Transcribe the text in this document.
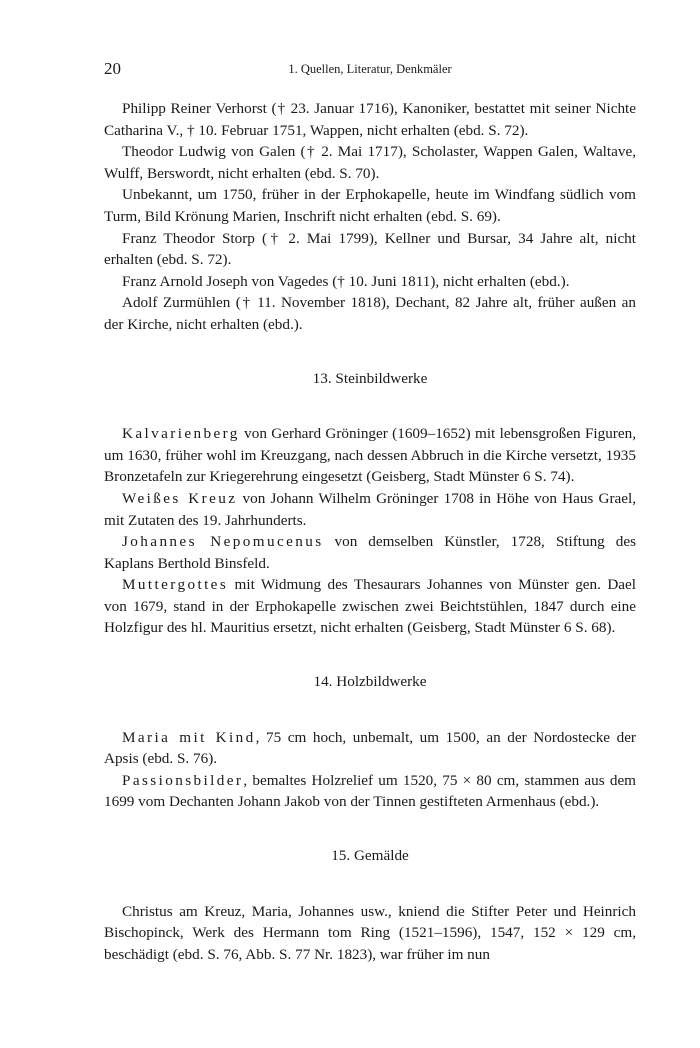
20	1. Quellen, Literatur, Denkmäler

Philipp Reiner Verhorst († 23. Januar 1716), Kanoniker, bestattet mit seiner Nichte Catharina V., † 10. Februar 1751, Wappen, nicht erhalten (ebd. S. 72).

Theodor Ludwig von Galen († 2. Mai 1717), Scholaster, Wappen Galen, Waltave, Wulff, Berswordt, nicht erhalten (ebd. S. 70).

Unbekannt, um 1750, früher in der Erphokapelle, heute im Windfang südlich vom Turm, Bild Krönung Marien, Inschrift nicht erhalten (ebd. S. 69).

Franz Theodor Storp († 2. Mai 1799), Kellner und Bursar, 34 Jahre alt, nicht erhalten (ebd. S. 72).

Franz Arnold Joseph von Vagedes († 10. Juni 1811), nicht erhalten (ebd.).

Adolf Zurmühlen († 11. November 1818), Dechant, 82 Jahre alt, früher außen an der Kirche, nicht erhalten (ebd.).

13. Steinbildwerke

Kalvarienberg von Gerhard Gröninger (1609–1652) mit lebensgroßen Figuren, um 1630, früher wohl im Kreuzgang, nach dessen Abbruch in die Kirche versetzt, 1935 Bronzetafeln zur Kriegerehrung eingesetzt (Geisberg, Stadt Münster 6 S. 74).

Weißes Kreuz von Johann Wilhelm Gröninger 1708 in Höhe von Haus Grael, mit Zutaten des 19. Jahrhunderts.

Johannes Nepomucenus von demselben Künstler, 1728, Stiftung des Kaplans Berthold Binsfeld.

Muttergottes mit Widmung des Thesaurars Johannes von Münster gen. Dael von 1679, stand in der Erphokapelle zwischen zwei Beichtstühlen, 1847 durch eine Holzfigur des hl. Mauritius ersetzt, nicht erhalten (Geisberg, Stadt Münster 6 S. 68).

14. Holzbildwerke

Maria mit Kind, 75 cm hoch, unbemalt, um 1500, an der Nordostecke der Apsis (ebd. S. 76).

Passionsbilder, bemaltes Holzrelief um 1520, 75 × 80 cm, stammen aus dem 1699 vom Dechanten Johann Jakob von der Tinnen gestifteten Armenhaus (ebd.).

15. Gemälde

Christus am Kreuz, Maria, Johannes usw., kniend die Stifter Peter und Heinrich Bischopinck, Werk des Hermann tom Ring (1521–1596), 1547, 152 × 129 cm, beschädigt (ebd. S. 76, Abb. S. 77 Nr. 1823), war früher im nun
